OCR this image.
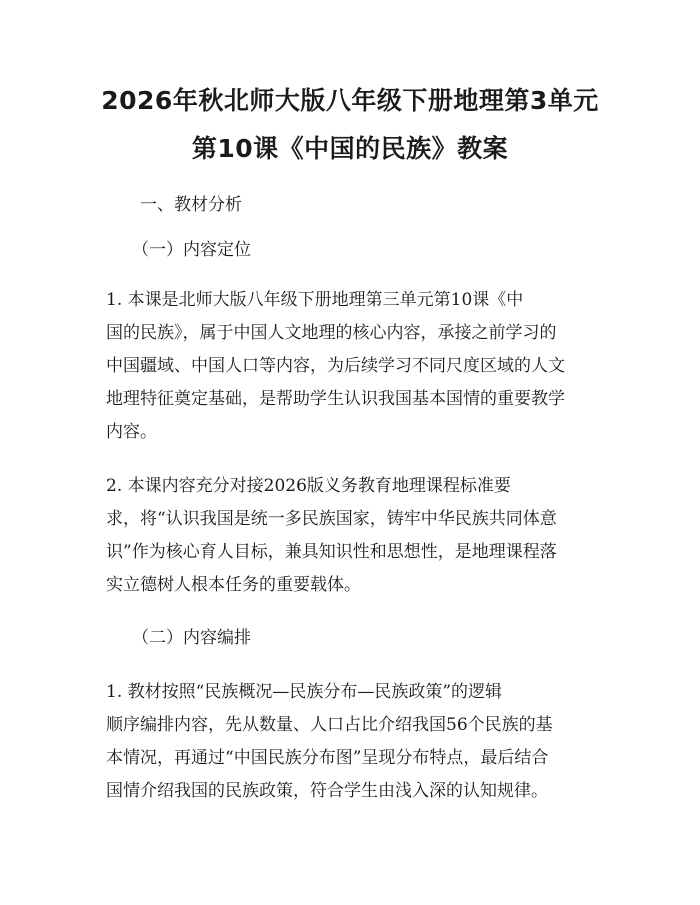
2026年秋北师大版八年级下册地理第3单元
第10课《中国的民族》教案
一、教材分析
（一）内容定位
1. 本课是北师大版八年级下册地理第三单元第10课《中
国的民族》，属于中国人文地理的核心内容，承接之前学习的
中国疆域、中国人口等内容，为后续学习不同尺度区域的人文
地理特征奠定基础，是帮助学生认识我国基本国情的重要教学
内容。
2. 本课内容充分对接2026版义务教育地理课程标准要
求，将“认识我国是统一多民族国家，铸牢中华民族共同体意
识”作为核心育人目标，兼具知识性和思想性，是地理课程落
实立德树人根本任务的重要载体。
（二）内容编排
1. 教材按照“民族概况—民族分布—民族政策”的逻辑
顺序编排内容，先从数量、人口占比介绍我国56个民族的基
本情况，再通过“中国民族分布图”呈现分布特点，最后结合
国情介绍我国的民族政策，符合学生由浅入深的认知规律。
